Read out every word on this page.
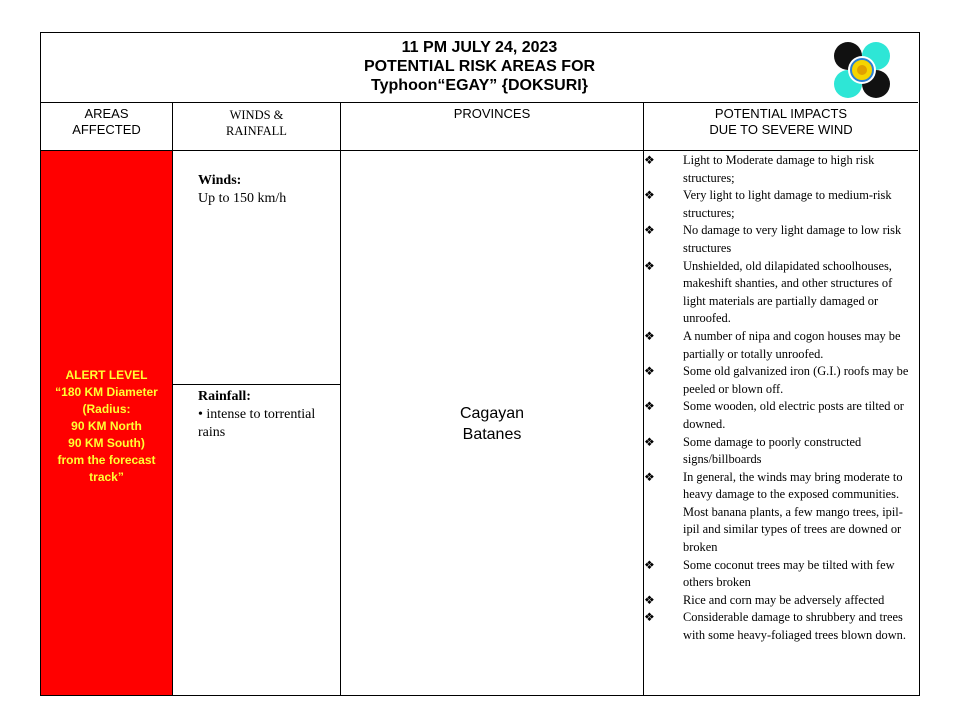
11 PM JULY 24, 2023
POTENTIAL RISK AREAS FOR
Typhoon“EGAY” {DOKSURI}
AREAS
AFFECTED
WINDS &
RAINFALL
PROVINCES	POTENTIAL IMPACTS
DUE TO SEVERE WIND
ALERT LEVEL
“180 KM Diameter
(Radius:
90 KM North
90 KM South)
from the forecast
track”
Winds:
Up to 150 km/h
Rainfall:
• intense to torrential rains
Cagayan
Batanes
❖ Light to Moderate damage to high risk structures;
❖ Very light to light damage to medium-risk structures;
❖ No damage to very light damage to low risk structures
❖ Unshielded, old dilapidated schoolhouses, makeshift shanties, and other structures of light materials are partially damaged or unroofed.
❖ A number of nipa and cogon houses may be partially or totally unroofed.
❖ Some old galvanized iron (G.I.) roofs may be peeled or blown off.
❖ Some wooden, old electric posts are tilted or downed.
❖ Some damage to poorly constructed signs/billboards
❖ In general, the winds may bring moderate to heavy damage to the exposed communities. Most banana plants, a few mango trees, ipil-ipil and similar types of trees are downed or broken
❖ Some coconut trees may be tilted with few others broken
❖ Rice and corn may be adversely affected
❖ Considerable damage to shrubbery and trees with some heavy-foliaged trees blown down.
